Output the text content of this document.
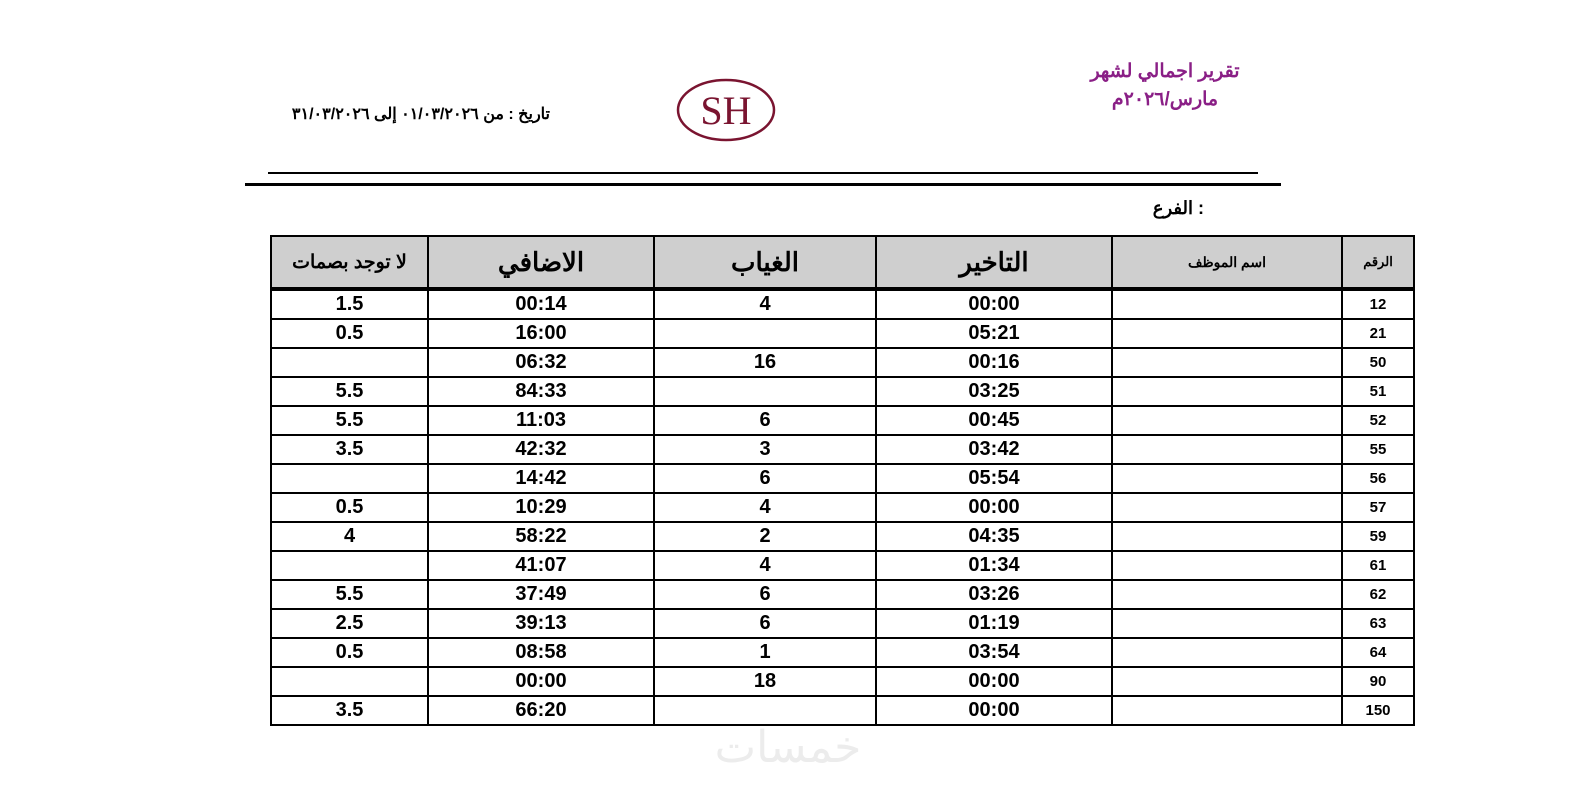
تقرير اجمالي لشهر
مارس/٢٠٢٦م
تاريخ : من ٠١/٠٣/٢٠٢٦ إلى ٣١/٠٣/٢٠٢٦	SH
: الفرع
لا توجد بصمات	الاضافي	الغياب	التاخير	اسم الموظف	الرقم
1.5	00:14	4	00:00		12
0.5	16:00		05:21		21
	06:32	16	00:16		50
5.5	84:33		03:25		51
5.5	11:03	6	00:45		52
3.5	42:32	3	03:42		55
	14:42	6	05:54		56
0.5	10:29	4	00:00		57
4	58:22	2	04:35		59
	41:07	4	01:34		61
5.5	37:49	6	03:26		62
2.5	39:13	6	01:19		63
0.5	08:58	1	03:54		64
	00:00	18	00:00		90
3.5	66:20		00:00		150
خمسات
